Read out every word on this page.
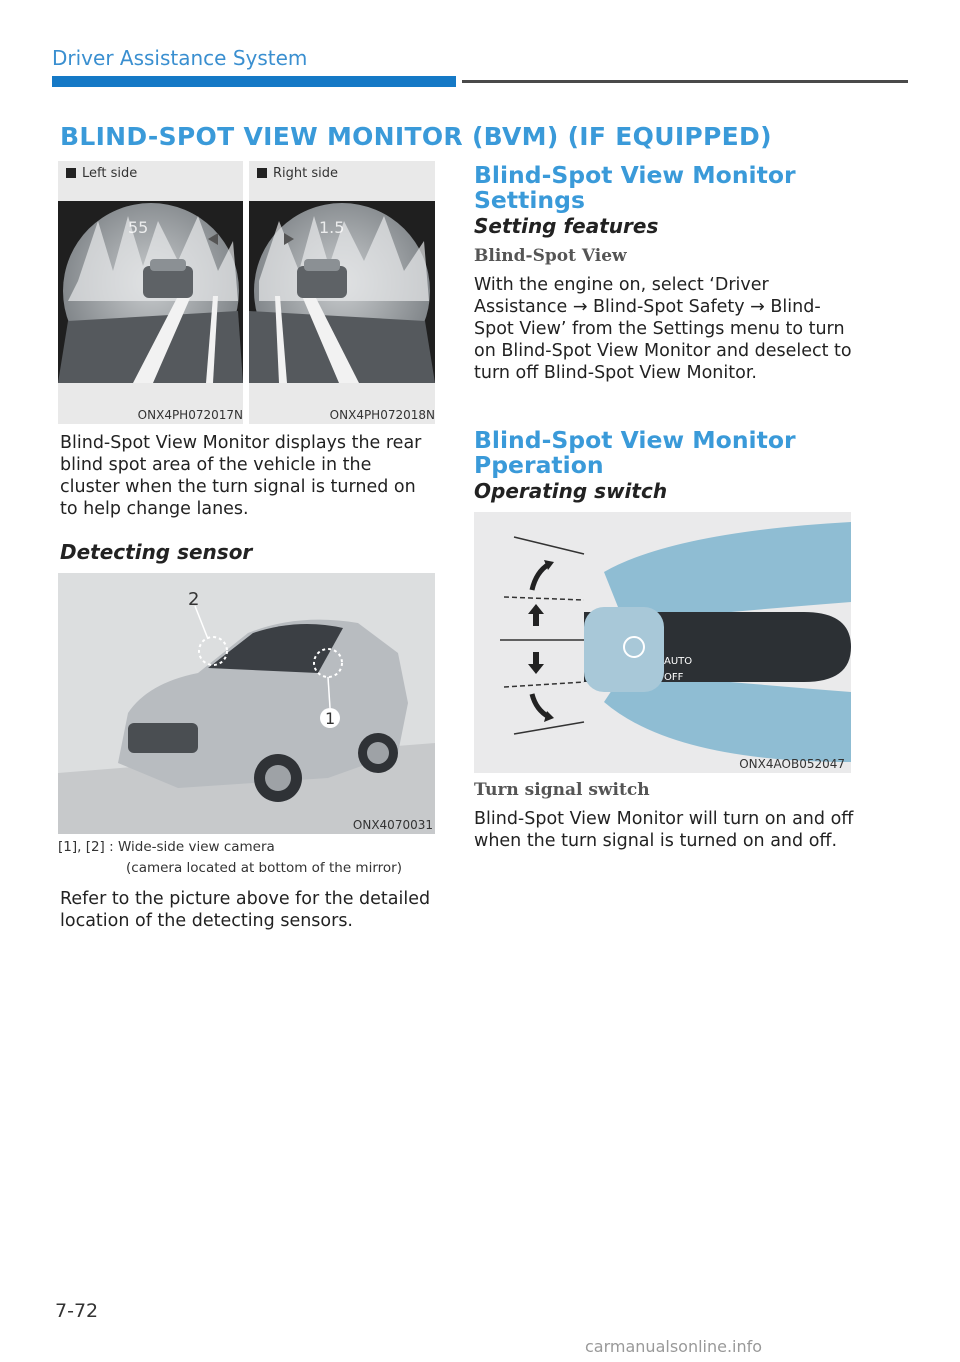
Driver Assistance System
BLIND-SPOT VIEW MONITOR (BVM) (IF EQUIPPED)
Left side
55
ONX4PH072017N
Right side
1.5
ONX4PH072018N
Blind-Spot View Monitor displays the rear blind spot area of the vehicle in the cluster when the turn signal is turned on to help change lanes.
Detecting sensor
2
1
ONX4070031
[1], [2] : Wide-side view camera
(camera located at bottom of the mirror)
Refer to the picture above for the detailed location of the detecting sensors.
Blind-Spot View Monitor
Settings
Setting features
Blind-Spot View
With the engine on, select ‘Driver Assistance → Blind-Spot Safety → Blind-Spot View’ from the Settings menu to turn on Blind-Spot View Monitor and deselect to turn off Blind-Spot View Monitor.
Blind-Spot View Monitor
Pperation
Operating switch
AUTO
OFF
ONX4AOB052047
Turn signal switch
Blind-Spot View Monitor will turn on and off when the turn signal is turned on and off.
7-72
carmanualsonline.info
